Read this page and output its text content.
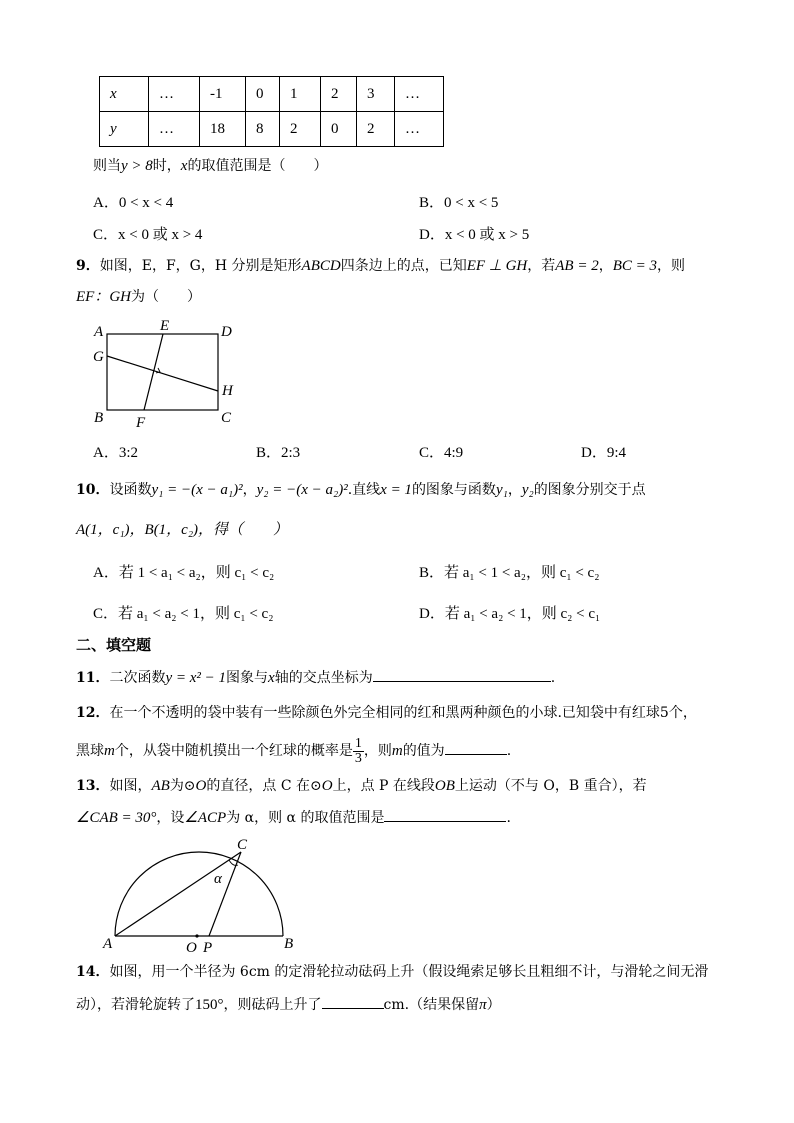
x	…	-1	0	1	2	3	…
y	…	18	8	2	0	2	…
则当y > 8时，x的取值范围是（　　）
A．0 < x < 4	B．0 < x < 5
C．x < 0 或 x > 4	D．x < 0 或 x > 5
9．如图，E，F，G，H 分别是矩形ABCD四条边上的点，已知EF ⊥ GH，若AB = 2，BC = 3，则
EF：GH为（　　）
A	E	D
G
H
B	C
F
A．3:2	B．2:3	C．4:9	D．9:4
10．设函数y₁ = −(x − a₁)²，y₂ = −(x − a₂)².直线x = 1的图象与函数y₁，y₂的图象分别交于点
A(1，c₁)，B(1，c₂)，得（　　）
A．若 1 < a₁ < a₂，则 c₁ < c₂	B．若 a₁ < 1 < a₂，则 c₁ < c₂
C．若 a₁ < a₂ < 1，则 c₁ < c₂	D．若 a₁ < a₂ < 1，则 c₂ < c₁
二、填空题
11．二次函数y = x² − 1图象与x轴的交点坐标为	.
12．在一个不透明的袋中装有一些除颜色外完全相同的红和黑两种颜色的小球.已知袋中有红球5个，
黑球m个，从袋中随机摸出一个红球的概率是 $\frac{1}{3}$ ，则m的值为	.
13．如图，AB为⊙O的直径，点 C 在⊙O上，点 P 在线段OB上运动（不与 O，B 重合），若
∠CAB = 30°，设∠ACP为 α，则 α 的取值范围是	.
A
C
α
O P	B
14．如图，用一个半径为 6cm 的定滑轮拉动砝码上升（假设绳索足够长且粗细不计，与滑轮之间无滑
动），若滑轮旋转了150°，则砝码上升了	cm.（结果保留π）
